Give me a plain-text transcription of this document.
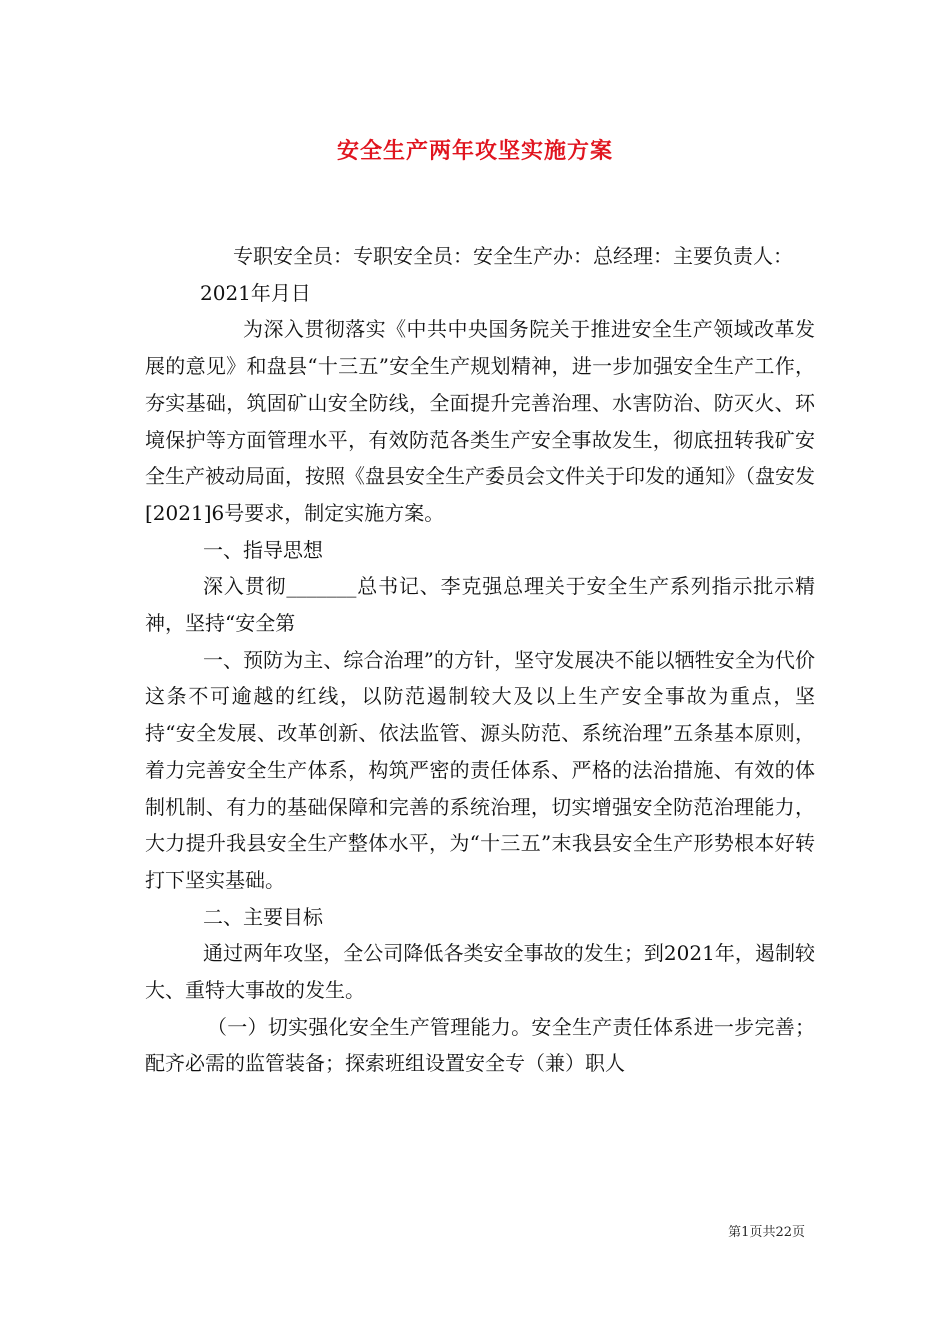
安全生产两年攻坚实施方案

专职安全员：专职安全员：安全生产办：总经理：主要负责人：

2021年月日

为深入贯彻落实《中共中央国务院关于推进安全生产领域改革发展的意见》和盘县“十三五”安全生产规划精神，进一步加强安全生产工作，夯实基础，筑固矿山安全防线，全面提升完善治理、水害防治、防灭火、环境保护等方面管理水平，有效防范各类生产安全事故发生，彻底扭转我矿安全生产被动局面，按照《盘县安全生产委员会文件关于印发的通知》（盘安发[2021]6号要求，制定实施方案。

一、指导思想

深入贯彻_______总书记、李克强总理关于安全生产系列指示批示精神，坚持“安全第

一、预防为主、综合治理”的方针，坚守发展决不能以牺牲安全为代价这条不可逾越的红线，以防范遏制较大及以上生产安全事故为重点，坚持“安全发展、改革创新、依法监管、源头防范、系统治理”五条基本原则，着力完善安全生产体系，构筑严密的责任体系、严格的法治措施、有效的体制机制、有力的基础保障和完善的系统治理，切实增强安全防范治理能力，大力提升我县安全生产整体水平，为“十三五”末我县安全生产形势根本好转打下坚实基础。

二、主要目标

通过两年攻坚，全公司降低各类安全事故的发生；到2021年，遏制较大、重特大事故的发生。

（一）切实强化安全生产管理能力。安全生产责任体系进一步完善；配齐必需的监管装备；探索班组设置安全专（兼）职人

第1页共22页
